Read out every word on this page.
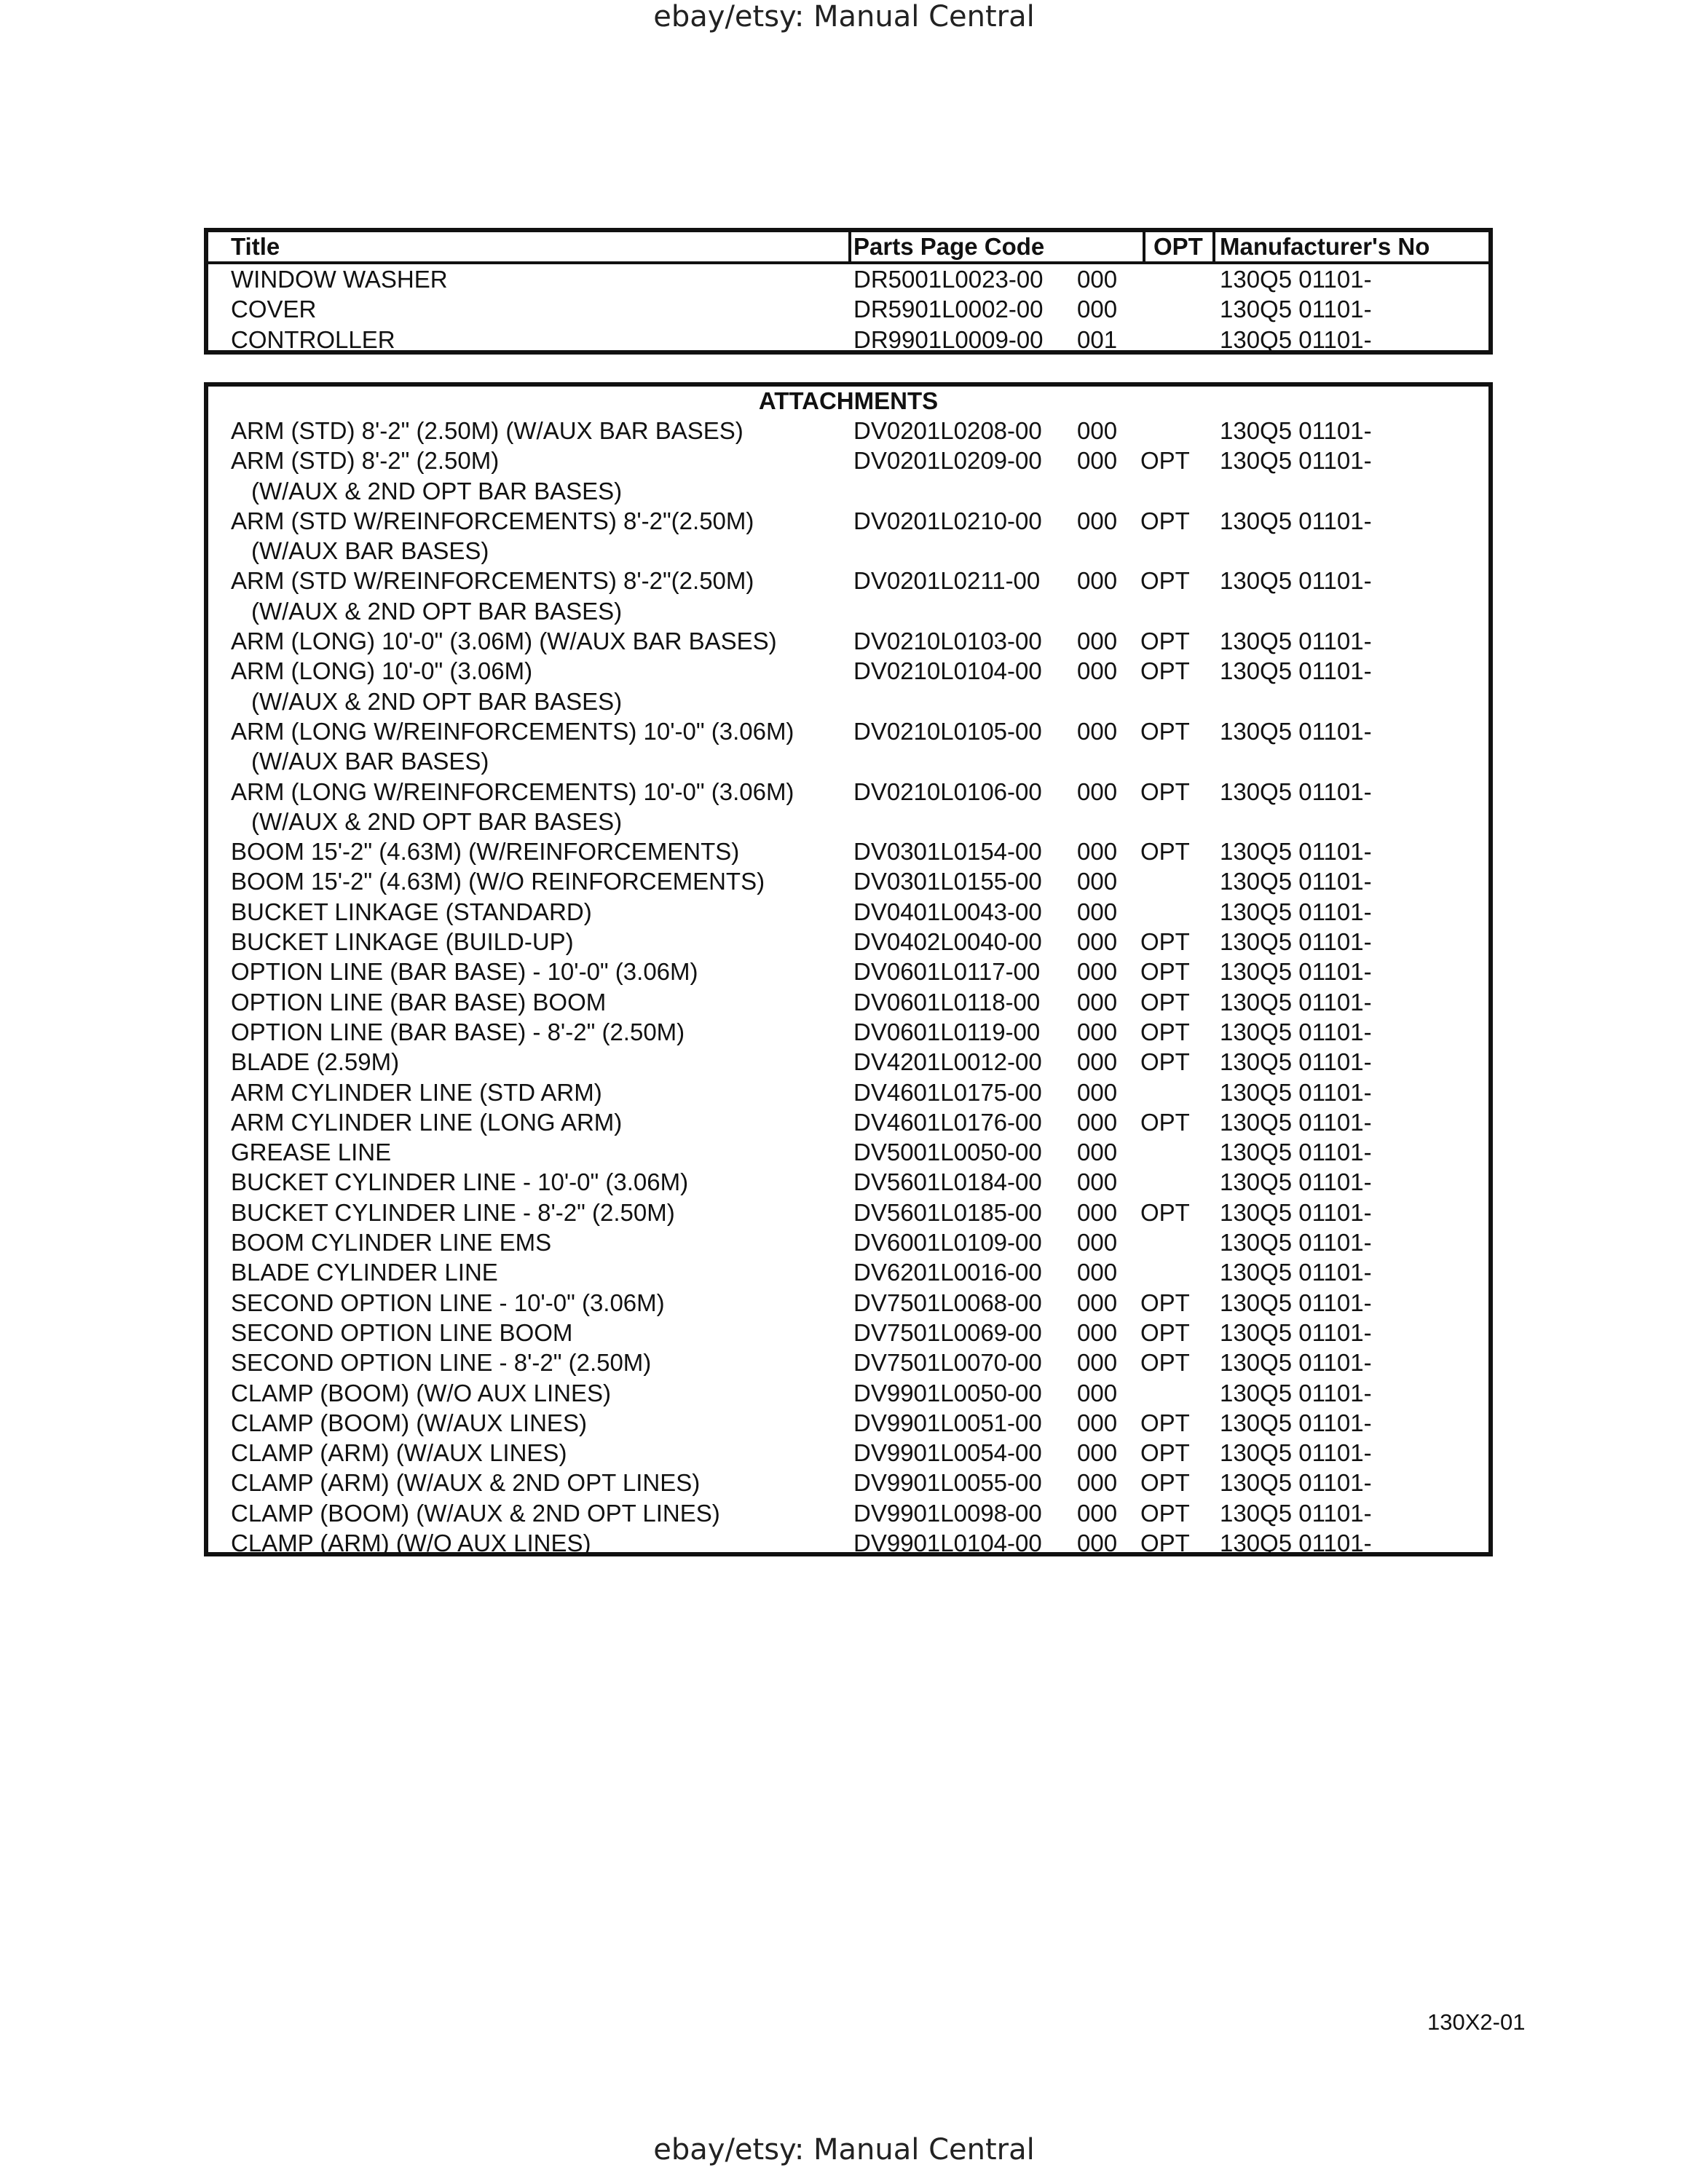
ebay/etsy: Manual Central
Title	Parts Page Code	OPT Manufacturer's No
WINDOW WASHER	DR5001L0023-00 000	130Q5 01101-
COVER	DR5901L0002-00 000	130Q5 01101-
CONTROLLER	DR9901L0009-00 001	130Q5 01101-
ATTACHMENTS
ARM (STD) 8'-2" (2.50M) (W/AUX BAR BASES)	DV0201L0208-00 000	130Q5 01101-
ARM (STD) 8'-2" (2.50M)	DV0201L0209-00 000 OPT 130Q5 01101-
(W/AUX & 2ND OPT BAR BASES)
ARM (STD W/REINFORCEMENTS) 8'-2"(2.50M)	DV0201L0210-00 000 OPT 130Q5 01101-
(W/AUX BAR BASES)
ARM (STD W/REINFORCEMENTS) 8'-2"(2.50M)	DV0201L0211-00 000 OPT 130Q5 01101-
(W/AUX & 2ND OPT BAR BASES)
ARM (LONG) 10'-0" (3.06M) (W/AUX BAR BASES)	DV0210L0103-00 000 OPT 130Q5 01101-
ARM (LONG) 10'-0" (3.06M)	DV0210L0104-00 000 OPT 130Q5 01101-
(W/AUX & 2ND OPT BAR BASES)
ARM (LONG W/REINFORCEMENTS) 10'-0" (3.06M) DV0210L0105-00 000 OPT 130Q5 01101-
(W/AUX BAR BASES)
ARM (LONG W/REINFORCEMENTS) 10'-0" (3.06M) DV0210L0106-00 000 OPT 130Q5 01101-
(W/AUX & 2ND OPT BAR BASES)
BOOM 15'-2" (4.63M) (W/REINFORCEMENTS)	DV0301L0154-00 000 OPT 130Q5 01101-
BOOM 15'-2" (4.63M) (W/O REINFORCEMENTS)	DV0301L0155-00 000	130Q5 01101-
BUCKET LINKAGE (STANDARD)	DV0401L0043-00 000	130Q5 01101-
BUCKET LINKAGE (BUILD-UP)	DV0402L0040-00 000 OPT 130Q5 01101-
OPTION LINE (BAR BASE) - 10'-0" (3.06M)	DV0601L0117-00 000 OPT 130Q5 01101-
OPTION LINE (BAR BASE) BOOM	DV0601L0118-00 000 OPT 130Q5 01101-
OPTION LINE (BAR BASE) - 8'-2" (2.50M)	DV0601L0119-00 000 OPT 130Q5 01101-
BLADE (2.59M)	DV4201L0012-00 000 OPT 130Q5 01101-
ARM CYLINDER LINE (STD ARM)	DV4601L0175-00 000	130Q5 01101-
ARM CYLINDER LINE (LONG ARM)	DV4601L0176-00 000 OPT 130Q5 01101-
GREASE LINE	DV5001L0050-00 000	130Q5 01101-
BUCKET CYLINDER LINE - 10'-0" (3.06M)	DV5601L0184-00 000	130Q5 01101-
BUCKET CYLINDER LINE - 8'-2" (2.50M)	DV5601L0185-00 000 OPT 130Q5 01101-
BOOM CYLINDER LINE EMS	DV6001L0109-00 000	130Q5 01101-
BLADE CYLINDER LINE	DV6201L0016-00 000	130Q5 01101-
SECOND OPTION LINE - 10'-0" (3.06M)	DV7501L0068-00 000 OPT 130Q5 01101-
SECOND OPTION LINE BOOM	DV7501L0069-00 000 OPT 130Q5 01101-
SECOND OPTION LINE - 8'-2" (2.50M)	DV7501L0070-00 000 OPT 130Q5 01101-
CLAMP (BOOM) (W/O AUX LINES)	DV9901L0050-00 000	130Q5 01101-
CLAMP (BOOM) (W/AUX LINES)	DV9901L0051-00 000 OPT 130Q5 01101-
CLAMP (ARM) (W/AUX LINES)	DV9901L0054-00 000 OPT 130Q5 01101-
CLAMP (ARM) (W/AUX & 2ND OPT LINES)	DV9901L0055-00 000 OPT 130Q5 01101-
CLAMP (BOOM) (W/AUX & 2ND OPT LINES)	DV9901L0098-00 000 OPT 130Q5 01101-
CLAMP (ARM) (W/O AUX LINES)	DV9901L0104-00 000 OPT 130Q5 01101-
130X2-01
ebay/etsy: Manual Central
